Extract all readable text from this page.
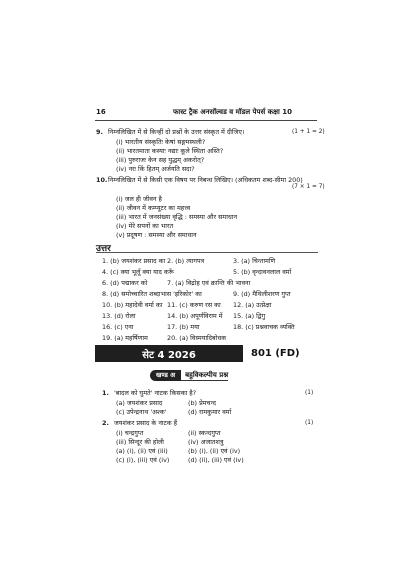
16	फास्ट ट्रैक अनसॉल्वड व मॉडल पेपर्स कक्षा 10
9. निम्नलिखित में से किन्हीं दो प्रश्नों के उत्तर संस्कृत में दीजिए।	(1 + 1 = 2)
(i) भारतीय संस्कृतिः केषां सङ्गमस्थली?
(ii) भारतमाता कस्याः नद्याः कूले स्थिता अस्ति?
(iii) पुरुराजः केन सह युद्धम् अकरोत्?
(iv) नरः किं हितम् अर्जयति सदा?
10. निम्नलिखित में से किसी एक विषय पर निबन्ध लिखिए। (अधिकतम शब्द-सीमा 200)
(7 × 1 = 7)
(i) जल ही जीवन है
(ii) जीवन में कम्प्यूटर का महत्त्व
(iii) भारत में जनसंख्या वृद्धि : समस्या और समाधान
(iv) मेरे सपनों का भारत
(v) प्रदूषण : समस्या और समाधान
उत्तर
1. (b) जयशंकर प्रसाद का 2. (b) त्यागपत्र	3. (a) चिन्तामणि
4. (c) क्या भूलूँ क्या याद करूँ	5. (b) वृन्दावनलाल वर्मा
6. (d) पद्माकर को	7. (a) विद्रोह एवं क्रान्ति की भावना
8. (d) समोच्चारित शब्दाभास 'इरिकोर' का	9. (d) मैथिलीशरण गुप्त
10. (b) महादेवी वर्मा का 11. (c) करुण रस का 12. (a) उत्प्रेक्षा
13. (d) रोला	14. (b) अपूर्णविराम में 15. (a) द्विगु
16. (c) एना	17. (b) मया	18. (c) प्रश्नवाचक व्यक्ति
19. (a) महर्षिणाम	20. (a) विस्मयादिबोधक
सेट 4 2026	801 (FD)
खण्ड अ	बहुविकल्पीय प्रश्न
1. 'बादल को घुमते' नाटक किसका है?	(1)
(a) जयशंकर प्रसाद	(b) प्रेमचन्द
(c) उपेन्द्रनाथ 'अश्क'	(d) रामकुमार वर्मा
2. जयशंकर प्रसाद के नाटक हैं	(1)
(i) चन्द्रगुप्त	(ii) स्कन्दगुप्त
(iii) सिन्दूर की होली	(iv) अजातशत्रु
(a) (i), (ii) एवं (iii)	(b) (i), (ii) एवं (iv)
(c) (i), (iii) एवं (iv)	(d) (ii), (iii) एवं (iv)
